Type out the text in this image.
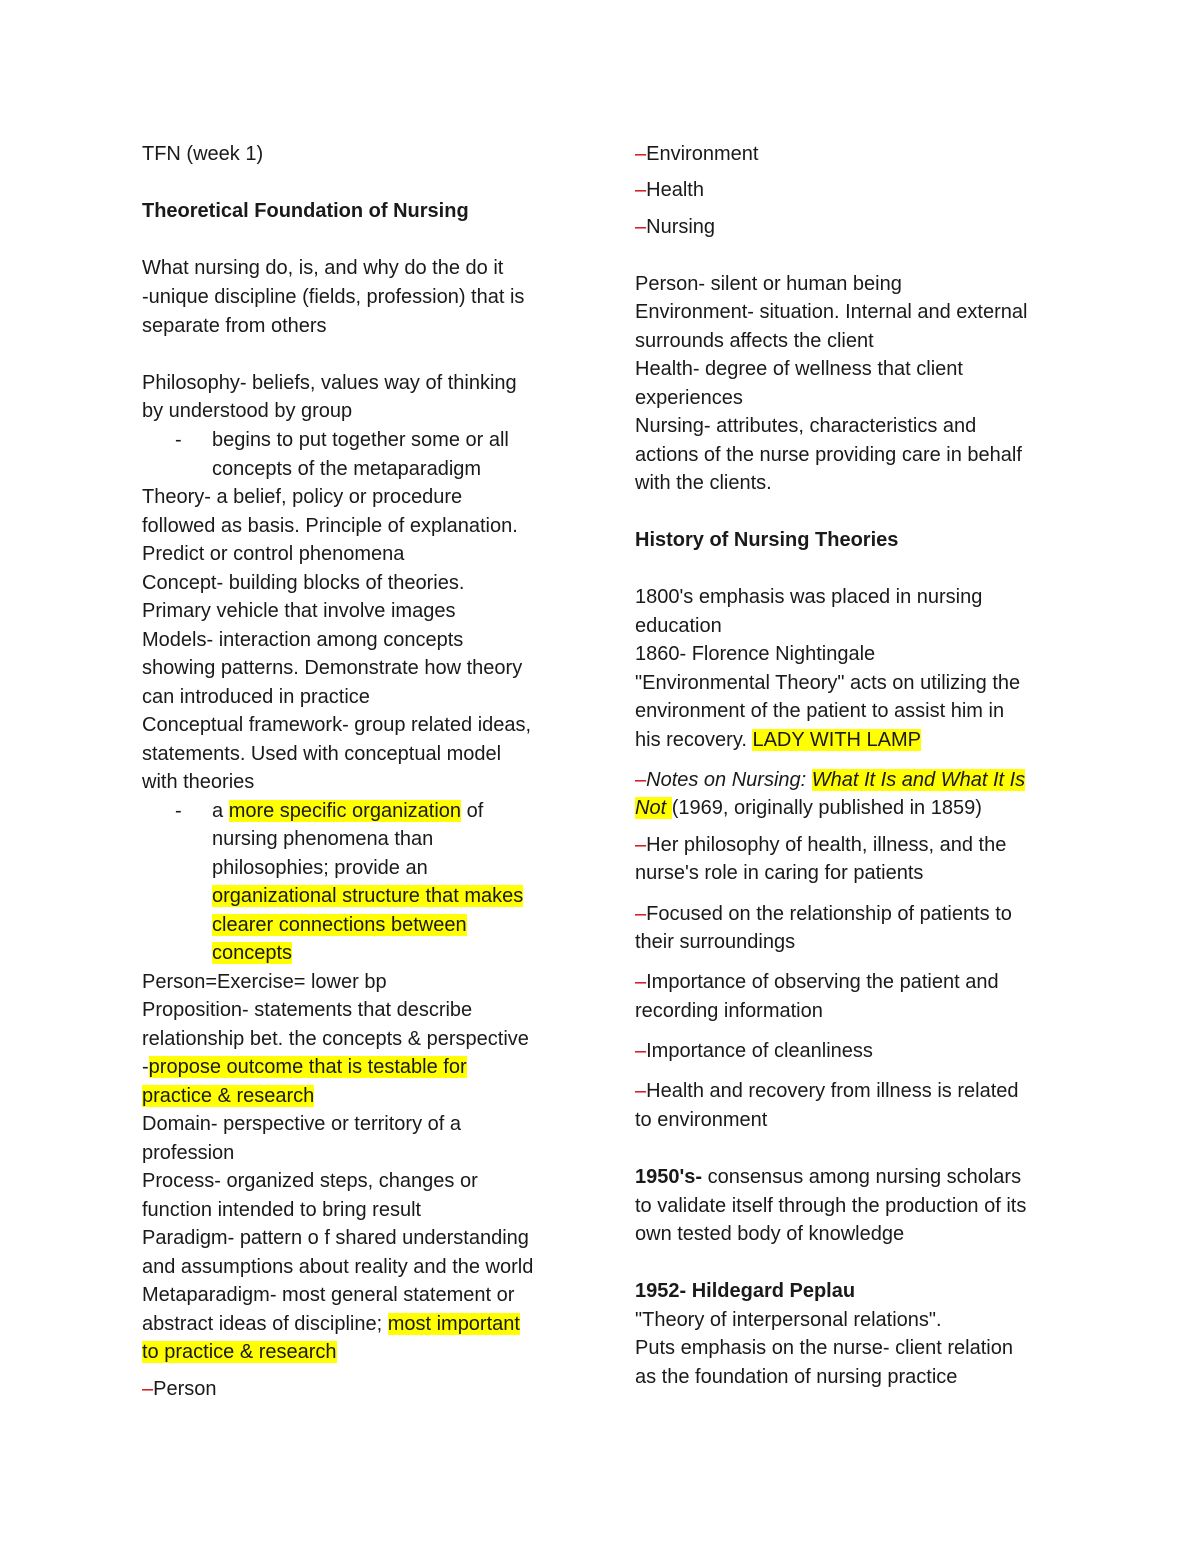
TFN (week 1)
Theoretical Foundation of Nursing
What nursing do, is, and why do the do it
-unique discipline (fields, profession) that is
separate from others
Philosophy- beliefs, values way of thinking
by understood by group
- begins to put together some or all
concepts of the metaparadigm
Theory- a belief, policy or procedure
followed as basis. Principle of explanation.
Predict or control phenomena
Concept- building blocks of theories.
Primary vehicle that involve images
Models- interaction among concepts
showing patterns. Demonstrate how theory
can introduced in practice
Conceptual framework- group related ideas,
statements. Used with conceptual model
with theories
- a more specific organization of
nursing phenomena than
philosophies; provide an
organizational structure that makes
clearer connections between
concepts
Person=Exercise= lower bp
Proposition- statements that describe
relationship bet. the concepts & perspective
-propose outcome that is testable for
practice & research
Domain- perspective or territory of a
profession
Process- organized steps, changes or
function intended to bring result
Paradigm- pattern o f shared understanding
and assumptions about reality and the world
Metaparadigm- most general statement or
abstract ideas of discipline; most important
to practice & research
–Person
–Environment
–Health
–Nursing
Person- silent or human being
Environment- situation. Internal and external
surrounds affects the client
Health- degree of wellness that client
experiences
Nursing- attributes, characteristics and
actions of the nurse providing care in behalf
with the clients.
History of Nursing Theories
1800's emphasis was placed in nursing
education
1860- Florence Nightingale
"Environmental Theory" acts on utilizing the
environment of the patient to assist him in
his recovery. LADY WITH LAMP
–Notes on Nursing: What It Is and What It Is
Not (1969, originally published in 1859)
–Her philosophy of health, illness, and the
nurse's role in caring for patients
–Focused on the relationship of patients to
their surroundings
–Importance of observing the patient and
recording information
–Importance of cleanliness
–Health and recovery from illness is related
to environment
1950's- consensus among nursing scholars
to validate itself through the production of its
own tested body of knowledge
1952- Hildegard Peplau
"Theory of interpersonal relations".
Puts emphasis on the nurse- client relation
as the foundation of nursing practice
